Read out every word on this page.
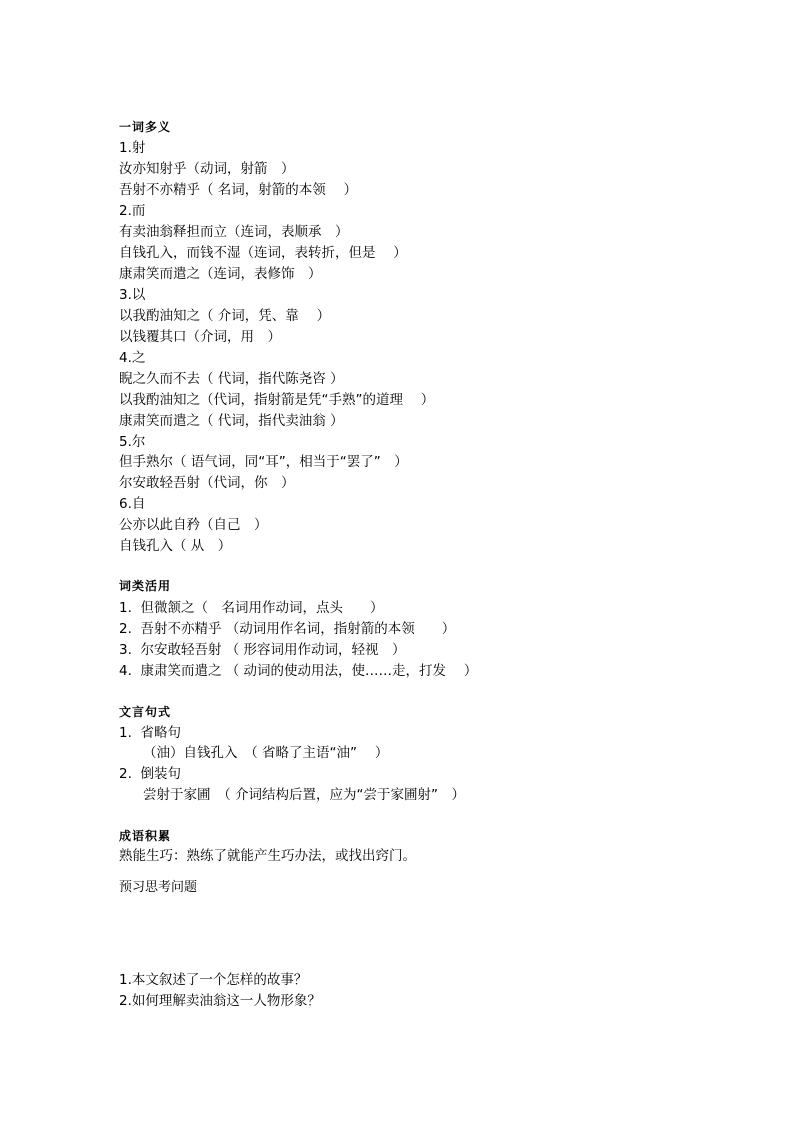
一词多义
1.射
汝亦知射乎（动词，射箭　）
吾射不亦精乎（ 名词，射箭的本领　 ）
2.而
有卖油翁释担而立（连词，表顺承　）
自钱孔入，而钱不湿（连词，表转折，但是　 ）
康肃笑而遣之（连词，表修饰　）
3.以
以我酌油知之（ 介词，凭、靠　 ）
以钱覆其口（介词，用　）
4.之
睨之久而不去（ 代词，指代陈尧咨 ）
以我酌油知之（代词，指射箭是凭“手熟”的道理　 ）
康肃笑而遣之（ 代词，指代卖油翁 ）
5.尔
但手熟尔（ 语气词，同“耳”，相当于“罢了”　）
尔安敢轻吾射（代词，你　）
6.自
公亦以此自矜（自己　）
自钱孔入（ 从　）
词类活用
1.  但微颔之（　名词用作动词，点头　　）
2.  吾射不亦精乎 （动词用作名词，指射箭的本领　　）
3.  尔安敢轻吾射 （ 形容词用作动词，轻视　）
4.  康肃笑而遣之 （ 动词的使动用法，使……走，打发　 ）
文言句式
1.  省略句
（油）自钱孔入　（ 省略了主语“油”　 ）
2.  倒装句
尝射于家圃　（ 介词结构后置，应为“尝于家圃射”　）
成语积累
熟能生巧：熟练了就能产生巧办法，或找出窍门。
预习思考问题
1.本文叙述了一个怎样的故事？
2.如何理解卖油翁这一人物形象？
